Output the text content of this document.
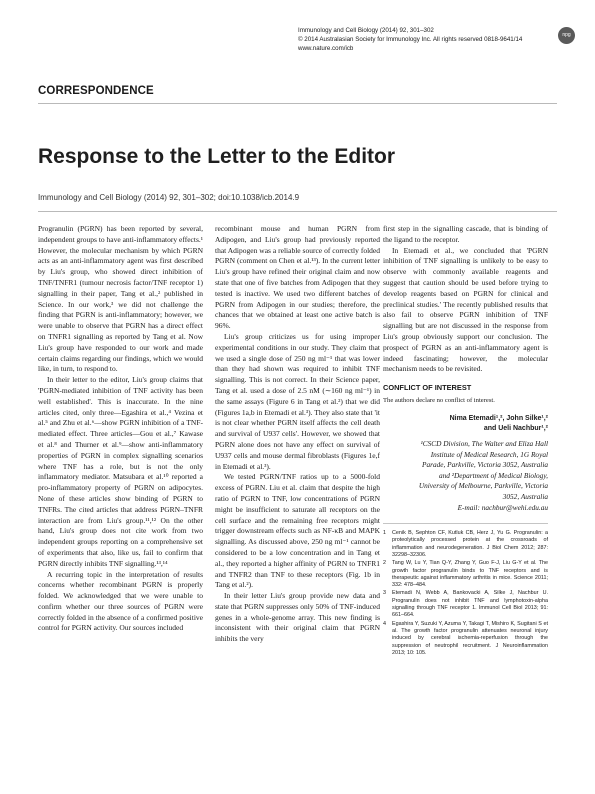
Immunology and Cell Biology (2014) 92, 301–302
© 2014 Australasian Society for Immunology Inc. All rights reserved 0818-9641/14
www.nature.com/icb
npg
CORRESPONDENCE
Response to the Letter to the Editor
Immunology and Cell Biology (2014) 92, 301–302; doi:10.1038/icb.2014.9

Progranulin (PGRN) has been reported by several, independent groups to have anti-inflammatory effects.¹ However, the molecular mechanism by which PGRN acts as an anti-inflammatory agent was first described by Liu's group, who showed direct inhibition of TNF/TNFR1 (tumour necrosis factor/TNF receptor 1) signalling in their paper, Tang et al.,² published in Science. In our work,³ we did not challenge the finding that PGRN is anti-inflammatory; however, we were unable to observe that PGRN has a direct effect on TNFR1 signalling as reported by Tang et al. Now Liu's group have responded to our work and made certain claims regarding our findings, which we would like, in turn, to respond to.

In their letter to the editor, Liu's group claims that 'PGRN-mediated inhibition of TNF activity has been well established'. This is inaccurate. In the nine articles cited, only three—Egashira et al.,⁴ Vezina et al.⁵ and Zhu et al.⁶—show PGRN inhibition of a TNF-mediated effect. Three articles—Gou et al.,⁷ Kawase et al.⁸ and Thurner et al.⁹—show anti-inflammatory properties of PGRN in complex signalling scenarios where TNF has a role, but is not the only inflammatory mediator. Matsubara et al.¹⁰ reported a pro-inflammatory property of PGRN on adipocytes. None of these articles show binding of PGRN to TNFRs. The cited articles that address PGRN–TNFR interaction are from Liu's group.¹¹,¹² On the other hand, Liu's group does not cite work from two independent groups reporting on a comprehensive set of experiments that also, like us, fail to confirm that PGRN directly inhibits TNF signalling.¹³,¹⁴

A recurring topic in the interpretation of results concerns whether recombinant PGRN is properly folded. We acknowledged that we were unable to confirm whether our three sources of PGRN were correctly folded in the absence of a confirmed positive control for PGRN activity. Our sources included

recombinant mouse and human PGRN from Adipogen, and Liu's group had previously reported that Adipogen was a reliable source of correctly folded PGRN (comment on Chen et al.¹³). In the current letter Liu's group have refined their original claim and now state that one of five batches from Adipogen that they tested is inactive. We used two different batches of PGRN from Adipogen in our studies; therefore, the chances that we obtained at least one active batch is 96%.

Liu's group criticizes us for using improper experimental conditions in our study. They claim that we used a single dose of 250 ng ml⁻¹ that was lower than they had shown was required to inhibit TNF signalling. This is not correct. In their Science paper, Tang et al. used a dose of 2.5 nM (∼160 ng ml⁻¹) in the same assays (Figure 6 in Tang et al.²) that we did (Figures 1a,b in Etemadi et al.³). They also state that 'it is not clear whether PGRN itself affects the cell death and survival of U937 cells'. However, we showed that PGRN alone does not have any effect on survival of U937 cells and mouse dermal fibroblasts (Figures 1e,f in Etemadi et al.³).

We tested PGRN/TNF ratios up to a 5000-fold excess of PGRN. Liu et al. claim that despite the high ratio of PGRN to TNF, low concentrations of PGRN might be insufficient to saturate all receptors on the cell surface and the remaining free receptors might trigger downstream effects such as NF-κB and MAPK signalling. As discussed above, 250 ng ml⁻¹ cannot be considered to be a low concentration and in Tang et al., they reported a higher affinity of PGRN to TNFR1 and TNFR2 than TNF to these receptors (Fig. 1b in Tang et al.²).

In their letter Liu's group provide new data and state that PGRN suppresses only 50% of TNF-induced genes in a whole-genome array. This new finding is inconsistent with their original claim that PGRN inhibits the very

first step in the signalling cascade, that is binding of the ligand to the receptor.

In Etemadi et al., we concluded that 'PGRN inhibition of TNF signalling is unlikely to be easy to observe with commonly available reagents and suggest that caution should be used before trying to develop reagents based on PGRN for clinical and preclinical studies.' The recently published results that also fail to observe PGRN inhibition of TNF signalling but are not discussed in the response from Liu's group obviously support our conclusion. The prospect of PGRN as an anti-inflammatory agent is indeed fascinating; however, the molecular mechanism needs to be revisited.

CONFLICT OF INTEREST

The authors declare no conflict of interest.

Nima Etemadi¹,², John Silke¹,²
and Ueli Nachbur¹,²
¹CSCD Division, The Walter and Eliza Hall
Institute of Medical Research, 1G Royal
Parade, Parkville, Victoria 3052, Australia
and ²Department of Medical Biology,
University of Melbourne, Parkville, Victoria
3052, Australia
E-mail: nachbur@wehi.edu.au
1	Cenik B, Sephton CF, Kutluk CB, Herz J, Yu G. Progranulin: a proteolytically processed protein at the crossroads of inflammation and neurodegeneration. J Biol Chem 2012; 287: 32298–32306.
2	Tang W, Lu Y, Tian Q-Y, Zhang Y, Guo F-J, Liu G-Y et al. The growth factor progranulin binds to TNF receptors and is therapeutic against inflammatory arthritis in mice. Science 2011; 332: 478–484.
3	Etemadi N, Webb A, Bankovacki A, Silke J, Nachbur U. Progranulin does not inhibit TNF and lymphotoxin-alpha signalling through TNF receptor 1. Immunol Cell Biol 2013; 91: 661–664.
4	Egashira Y, Suzuki Y, Azuma Y, Takagi T, Mishiro K, Sugitani S et al. The growth factor progranulin attenuates neuronal injury induced by cerebral ischemia-reperfusion through the suppression of neutrophil recruitment. J Neuroinflammation 2013; 10: 105.
